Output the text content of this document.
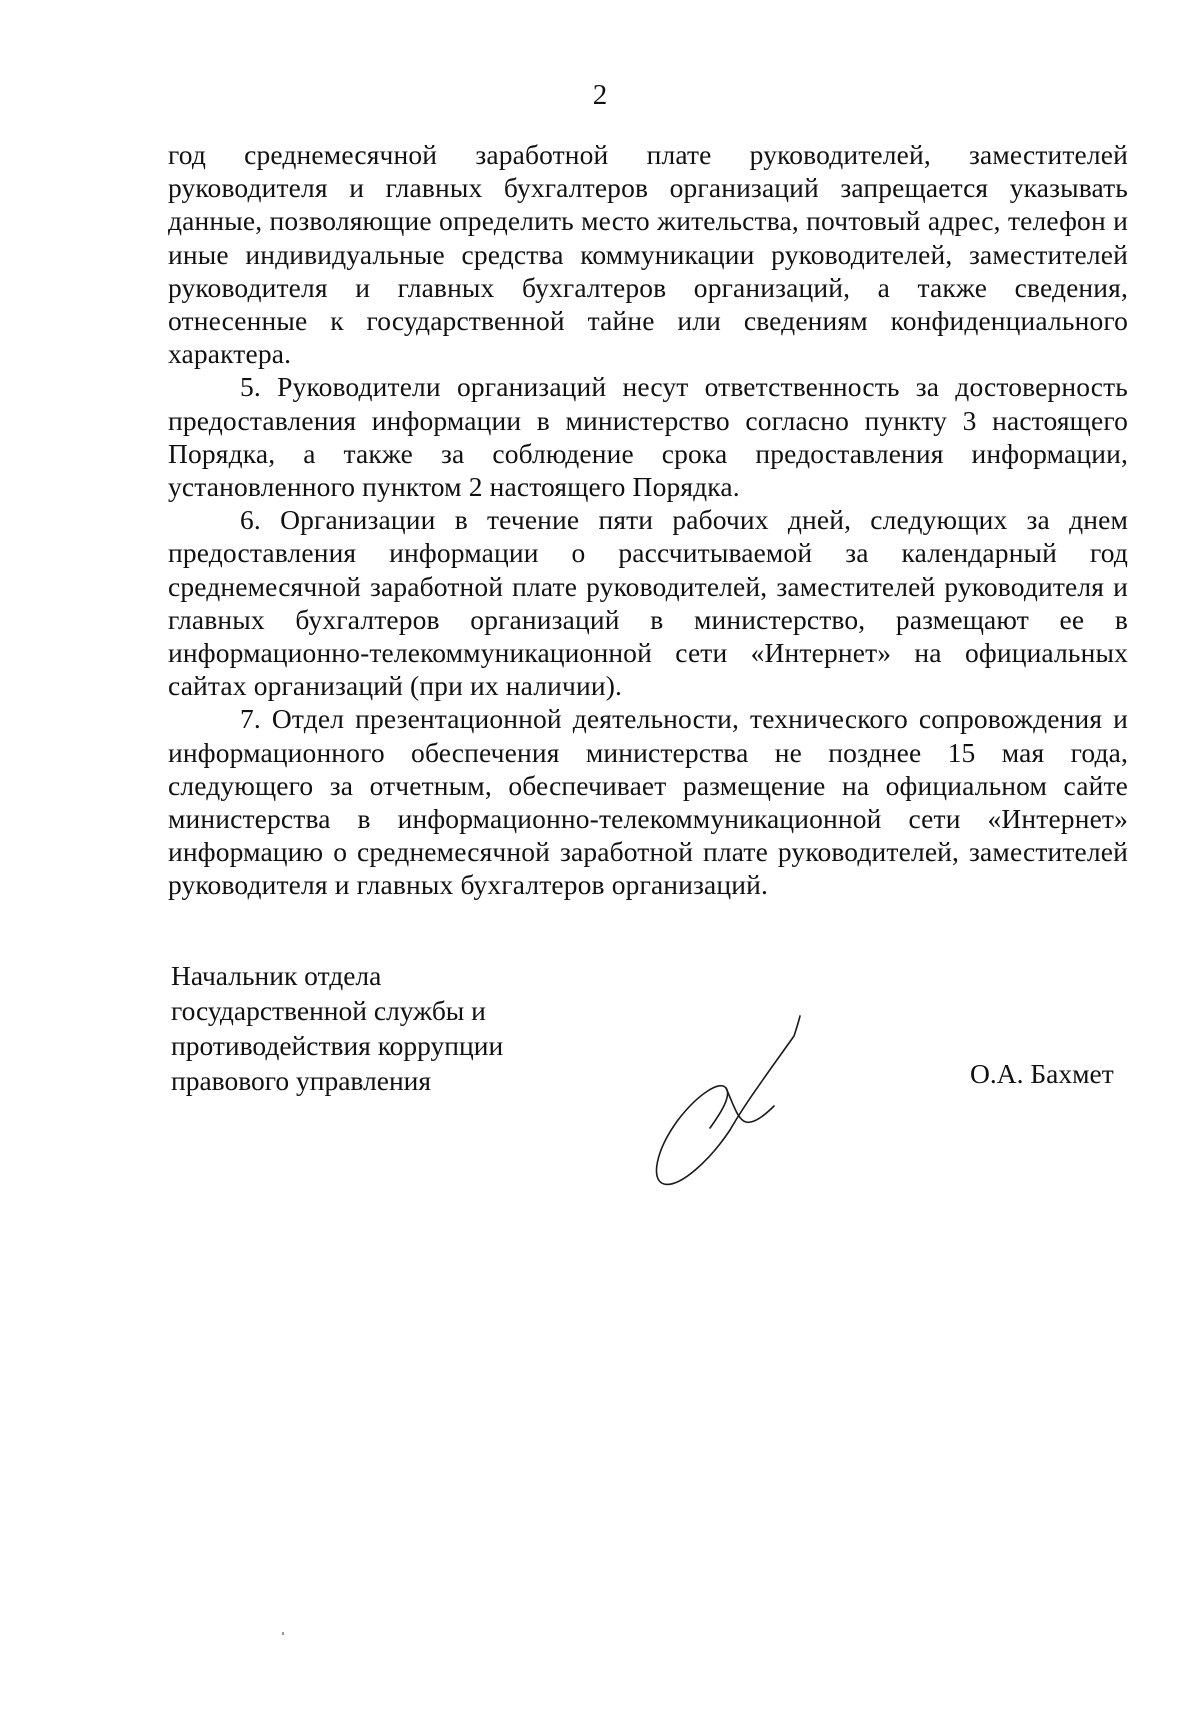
2

год среднемесячной заработной плате руководителей, заместителей руководителя и главных бухгалтеров организаций запрещается указывать данные, позволяющие определить место жительства, почтовый адрес, телефон и иные индивидуальные средства коммуникации руководителей, заместителей руководителя и главных бухгалтеров организаций, а также сведения, отнесенные к государственной тайне или сведениям конфиденциального характера.

5. Руководители организаций несут ответственность за достоверность предоставления информации в министерство согласно пункту 3 настоящего Порядка, а также за соблюдение срока предоставления информации, установленного пунктом 2 настоящего Порядка.

6. Организации в течение пяти рабочих дней, следующих за днем предоставления информации о рассчитываемой за календарный год среднемесячной заработной плате руководителей, заместителей руководителя и главных бухгалтеров организаций в министерство, размещают ее в информационно-телекоммуникационной сети «Интернет» на официальных сайтах организаций (при их наличии).

7. Отдел презентационной деятельности, технического сопровождения и информационного обеспечения министерства не позднее 15 мая года, следующего за отчетным, обеспечивает размещение на официальном сайте министерства в информационно-телекоммуникационной сети «Интернет» информацию о среднемесячной заработной плате руководителей, заместителей руководителя и главных бухгалтеров организаций.

Начальник отдела
государственной службы и
противодействия коррупции
правового управления	О.А. Бахмет
